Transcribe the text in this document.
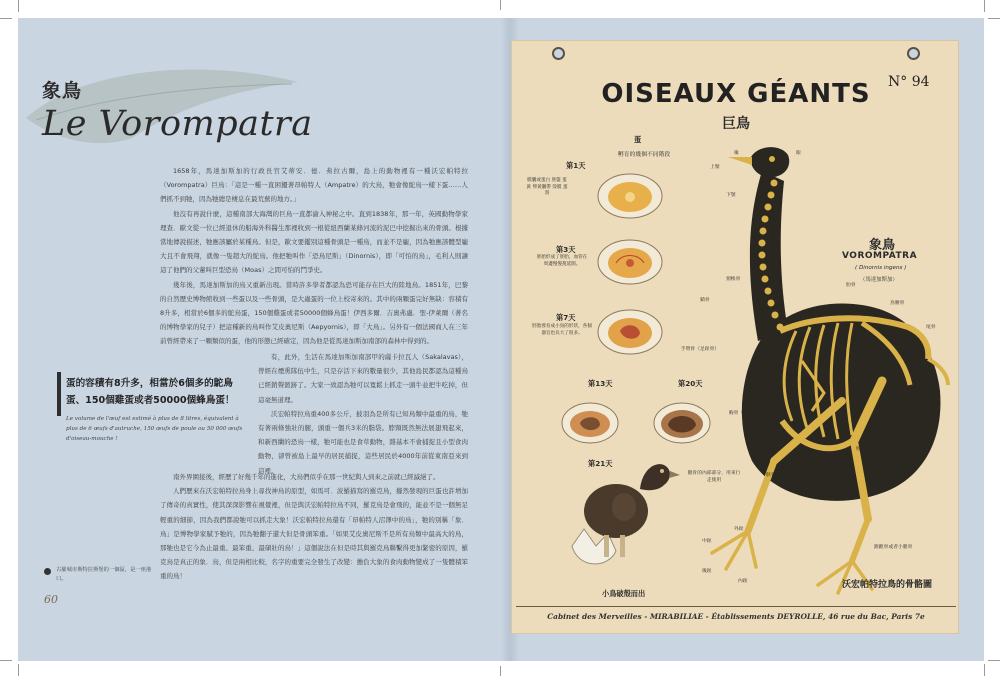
象鳥
Le Vorompatra

1658年，馬達加斯加的行政長官艾蒂安．德．弗拉古爾，島上的動物裡有一種沃宏帕特拉（Vorompatra）巨鳥：「這是一種一直困擾著昂帕特人（Ampatre）的大鳥，牠會像鴕鳥一樣下蛋……人們抓不到牠，因為牠總是棲息在最荒蕪的地方。」

他沒有再說什麼，這種南部大海灣的巨鳥一直都淪入神秘之中。直到1838年，那一年，英國動物學家理查．歐文從一位已經退休的船海外科醫生那裡收到一根從紐西蘭某條河流的泥巴中挖掘出來的骨頭。根據當地傳說描述，牠應該屬於某種鳥。但是，歐文要鑑別這種骨頭是一種鳥，而並不是龐，因為牠應該體型龐大且不會飛翔，就像一隻超大的鴕鳥。他把牠叫作「恐鳥尼斯」（Dinornis），即「可怕的鳥」，毛利人則讓這了他們的父輩叫巨型恐鳥（Moas）之間可怕的鬥爭史。

幾年後，馬達加斯加的鳥又重新出現。當時許多學者都認為恐可能存在巨大的陸地鳥。1851年，巴黎的自然歷史博物館收到一些蛋以及一些骨頭，是大蟲蛋的一位上校寄來的。其中的兩顆蛋完好無缺：容積有8升多，相當於6個多的鴕鳥蛋，150個雞蛋或者50000個蜂鳥蛋！伊西多爾．吉奧弗盧．聖-伊萊爾（著名的博物學家的兒子）把這種新的鳥叫作艾皮奧尼斯（Aepyornis），即「大鳥」。另外有一個法國商人在三年前曾經帶來了一顆類似的蛋，他的形態已經確定，因為他是從馬達加斯加南部的森林中得到的。

有，此外，生活在馬達加斯加南部甲的薩卡拉瓦人（Sakalavas），曾經在煙熏隊伍中生，只是存活下來的數量很少，其他島民都認為這種鳥已經銷聲匿跡了。大家一致認為牠可以寬鬆上抓走一頭牛並把牛吃掉，但這毫無道理。

沃宏帕特拉鳥重400多公斤，披羽為是所有已知鳥類中最重的鳥，牠有著兩條強壯的腿，頭重一個兵3米的脂袋。脖頸既然無法展翅飛起來，和新西蘭的恐鳥一樣，牠可能也是食草動物，雜基本不會捕捉且小型食肉動物，卻曾被島上最早的居民捕捉，這些居民於4000年前從東南亞來到這裡。

南外界園接後，經歷了好幾千年的進化，大鳥們似乎在那一世紀與人到來之前就已經滅絕了。

人們歷來在沃宏帕特拉鳥身上尋找神鳥的原型，如馬可．波羅描寫的羅克鳥，據然發現的巨蛋也許增加了傳奇的真實性，使其深深影響在視覺裡，但是與沃宏帕特拉鳥不同，羅克鳥是會飛的，能並不是一個無足輕重的細節，因為我們都說牠可以抓走大象！沃宏帕特拉鳥還有「昂帕特人沼澤中的鳥」，牠的別稱「象．鳥」是博物學家賦予牠的，因為牠翻子還大但是骨頭笨重。「如果艾皮奧尼斯不是所有鳥類中最高大的鳥，那牠也是它今為止最重、最笨重、最碩壯的鳥！」這個說法在但是時其與羅克鳥聯繫得更加緊密的原因，羅克鳥是真正的象．鳥，但是兩相比較，名字的重要完全發生了改變：擔負大象的食肉動物變成了一隻體積笨重的鳥！

蛋的容積有8升多，相當於6個多的鴕鳥蛋、150個雞蛋或者50000個蜂鳥蛋！
Le volume de l'œuf est estimé à plus de 8 litres, équivalent à plus de 6 œufs d'autruche, 150 œufs de poule ou 50 000 œufs d'oiseau-mouche !
古羅城市斯特拉斯堡的一個區，是一座港口。
60
OISEAUX GÉANTS
巨鳥
N° 94
蛋
孵育的幾個不同階段
第1天
膜囊或蛋白 胚盤 蛋黃 卵黃囊帶 殼膜 蛋殼
第3天
胚胎形成了胚胎，血管在周邊慢慢蔓延開。
第7天
胚胎發育成小鳥的形狀，各個器官也長大了很多。
第13天	第20天
第21天
象鳥
VOROMPATRA
( Dinornis ingens )
（馬達加斯加）
喙	眼
上顎
下顎
頸椎骨
肋骨
鎖骨
鳥腰骨
手臂骨（足趾骨）
胸骨（或有胸骨）
尾骨
股骨
骸骨
脛骨
腿骨的內部部分，用來行走使用
外趾
中趾
內趾
後趾
跗蹠骨或者小腿骨
小鳥破殼而出
沃宏帕特拉鳥的骨骼圖
Cabinet des Merveilles - MIRABILIAE - Établissements DEYROLLE, 46 rue du Bac, Paris 7e
